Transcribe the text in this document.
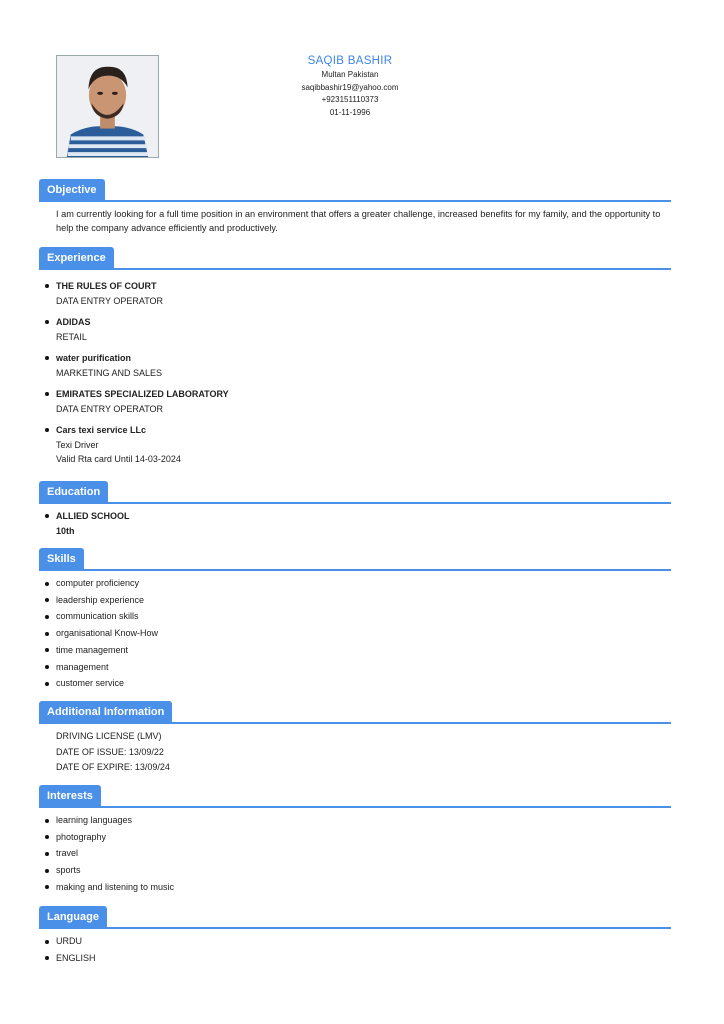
SAQIB BASHIR
Multan Pakistan
saqibbashir19@yahoo.com
+923151110373
01-11-1996
Objective
I am currently looking for a full time position in an environment that offers a greater challenge, increased benefits for my family, and the opportunity to help the company advance efficiently and productively.
Experience
THE RULES OF COURT
DATA ENTRY OPERATOR
ADIDAS
RETAIL
water purification
MARKETING AND SALES
EMIRATES SPECIALIZED LABORATORY
DATA ENTRY OPERATOR
Cars texi service LLc
Texi Driver
Valid Rta card Until 14-03-2024
Education
ALLIED SCHOOL
10th
Skills
computer proficiency
leadership experience
communication skills
organisational Know-How
time management
management
customer service
Additional Information
DRIVING LICENSE (LMV)
DATE OF ISSUE: 13/09/22
DATE OF EXPIRE: 13/09/24
Interests
learning languages
photography
travel
sports
making and listening to music
Language
URDU
ENGLISH
